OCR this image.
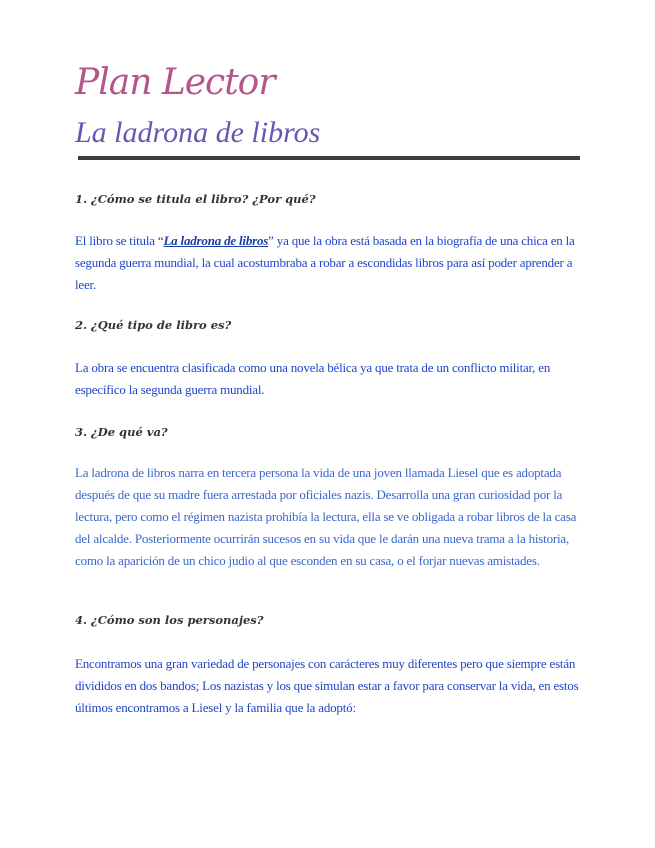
Plan Lector
La ladrona de libros
1. ¿Cómo se titula el libro? ¿Por qué?
El libro se titula “La ladrona de libros” ya que la obra está basada en la biografía de una chica en la segunda guerra mundial, la cual acostumbraba a robar a escondidas libros para así poder aprender a leer.
2. ¿Qué tipo de libro es?
La obra se encuentra clasificada como una novela bélica ya que trata de un conflicto militar, en específico la segunda guerra mundial.
3. ¿De qué va?
La ladrona de libros narra en tercera persona la vida de una joven llamada Liesel que es adoptada después de que su madre fuera arrestada por oficiales nazis. Desarrolla una gran curiosidad por la lectura, pero como el régimen nazista prohibía la lectura, ella se ve obligada a robar libros de la casa del alcalde. Posteriormente ocurrirán sucesos en su vida que le darán una nueva trama a la historia, como la aparición de un chico judio al que esconden en su casa, o el forjar nuevas amistades.
4. ¿Cómo son los personajes?
Encontramos una gran variedad de personajes con carácteres muy diferentes pero que siempre están divididos en dos bandos; Los nazistas y los que simulan estar a favor para conservar la vida, en estos últimos encontramos a Liesel y la familia que la adoptó:
